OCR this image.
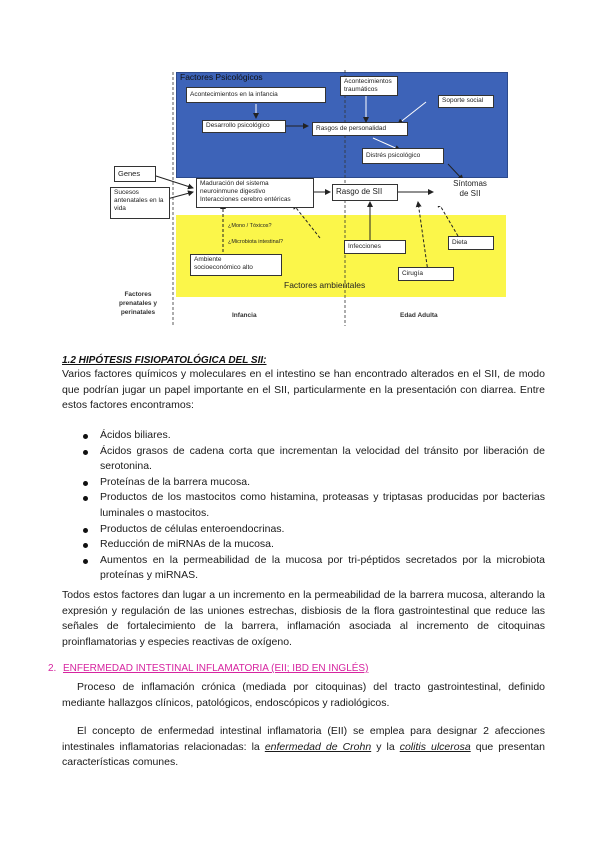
Factores Psicológicos
Factores ambientales
Acontecimientos en la infancia
Desarrollo psicológico	Rasgos de personalidad
Acontecimientos
traumáticos
Soporte social
Distrés psicológico
Genes
Sucesos
antenatales en la
vida
Maduración del sistema
neuroinmune digestivo
Interacciones cerebro entéricas
Rasgo de SII
Síntomas
de SII
¿Mono / Tóxicos?
¿Microbiota intestinal?
Ambiente
socioeconómico alto
Infecciones
Dieta
Cirugía
Factores
prenatales y
perinatales	Infancia	Edad Adulta
1.2 HIPÓTESIS FISIOPATOLÓGICA DEL SII:
Varios factores químicos y moleculares en el intestino se han encontrado alterados en el SII, de modo que podrían jugar un papel importante en el SII, particularmente en la presentación con diarrea. Entre estos factores encontramos:
Ácidos biliares.
Ácidos grasos de cadena corta que incrementan la velocidad del tránsito por liberación de serotonina.
Proteínas de la barrera mucosa.
Productos de los mastocitos como histamina, proteasas y triptasas producidas por bacterias luminales o mastocitos.
Productos de células enteroendocrinas.
Reducción de miRNAs de la mucosa.
Aumentos en la permeabilidad de la mucosa por tri-péptidos secretados por la microbiota proteínas y miRNAS.
Todos estos factores dan lugar a un incremento en la permeabilidad de la barrera mucosa, alterando la expresión y regulación de las uniones estrechas, disbiosis de la flora gastrointestinal que reduce las señales de fortalecimiento de la barrera, inflamación asociada al incremento de citoquinas proinflamatorias y especies reactivas de oxígeno.
2. ENFERMEDAD INTESTINAL INFLAMATORIA (EII; IBD EN INGLÉS)
Proceso de inflamación crónica (mediada por citoquinas) del tracto gastrointestinal, definido mediante hallazgos clínicos, patológicos, endoscópicos y radiológicos.
El concepto de enfermedad intestinal inflamatoria (EII) se emplea para designar 2 afecciones intestinales inflamatorias relacionadas: la enfermedad de Crohn y la colitis ulcerosa que presentan características comunes.
